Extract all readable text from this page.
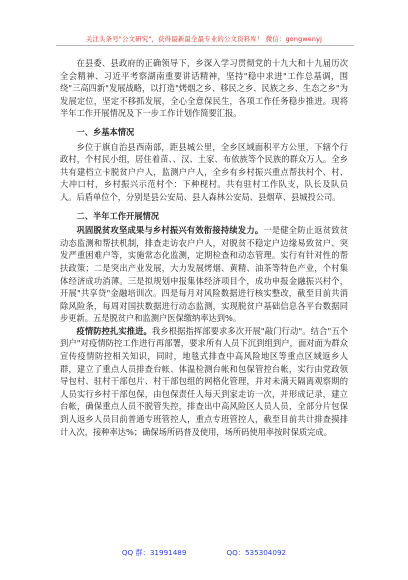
关注头条号"公文研究"，获得最新最全最专业的公文资料库！ 微信：gongwenyj

在县委、县政府的正确领导下，乡深入学习贯彻党的十九大和十九届历次全会精神、习近平考察湖南重要讲话精神，坚持"稳中求进"工作总基调，围绕"三高四新"发展战略，以打造"烤烟之乡、移民之乡、民族之乡、生态之乡"为发展定位，坚定不移抓发展，全心全意保民生，各项工作任务稳步推进。现将半年工作开展情况及下一步工作计划作简要汇报。

一、乡基本情况

乡位于旗自治县西南部，距县城公里，全乡区域面积平方公里，下辖个行政村，个村民小组，居住着苗、、汉、土家、布依族等个民族的群众万人。全乡共有建档立卡脱贫户户人，监测户户人，全乡有乡村振兴重点帮扶村个、村、大冲口村，乡村振兴示范村个：下种枧村。共有驻村工作队支，队长及队员人。后盾单位个，分别是县公安局、县人森林公安局、县烟草、县城投公司。

二、半年工作开展情况

巩固脱贫攻坚成果与乡村振兴有效衔接持续发力。一是健全防止返贫致贫动态监测和帮扶机制，排查走访农户户人，对脱贫不稳定户边缘易致贫户、突发严重困难户等，实施常态化监测，定期检查和动态管理。实行有针对性的帮扶政策；二是突出产业发展，大力发展烤烟、黄精、油茶等特色产业，个村集体经济成功消薄。三是拟规划申报集体经济项目个，成功申报金融振兴村个，开展"共享贷"金融培训次。四是每月对风险数据进行核实整改，截至目前共消除风险条，每周对国扶数据进行动态监测，实现脱贫户基础信息各平台数据同步更新。五是脱贫户和监测户医保缴纳率达到%。

疫情防控扎实推进。我乡根据指挥部要求多次开展"敲门行动"。结合"五个到户"对疫情防控工作进行再部署，要求所有人员下沉到组到户，面对面为群众宣传疫情防控相关知识，同时，地毯式排查中高风险地区等重点区域返乡人群，建立了重点人员排查台帐、体温检测台帐和包保管控台帐，实行由党政领导包村、驻村干部包片、村干部包组的网格化管理，并对未满天隔离观察期的人员实行乡村干部包保，由包保责任人每天到家走访一次，并形成记录，建立台帐，确保重点人员不脱管失控，排查出中高风险区人员人员，全部分片包保到人返乡人员目前普通专班管控人，重点专班管控人，截至目前共计排查摸排计入次，接种率达%；确保场所码普及使用，场所码使用率按时保质完成。

QQ 群：31991489	QQ：535304092
